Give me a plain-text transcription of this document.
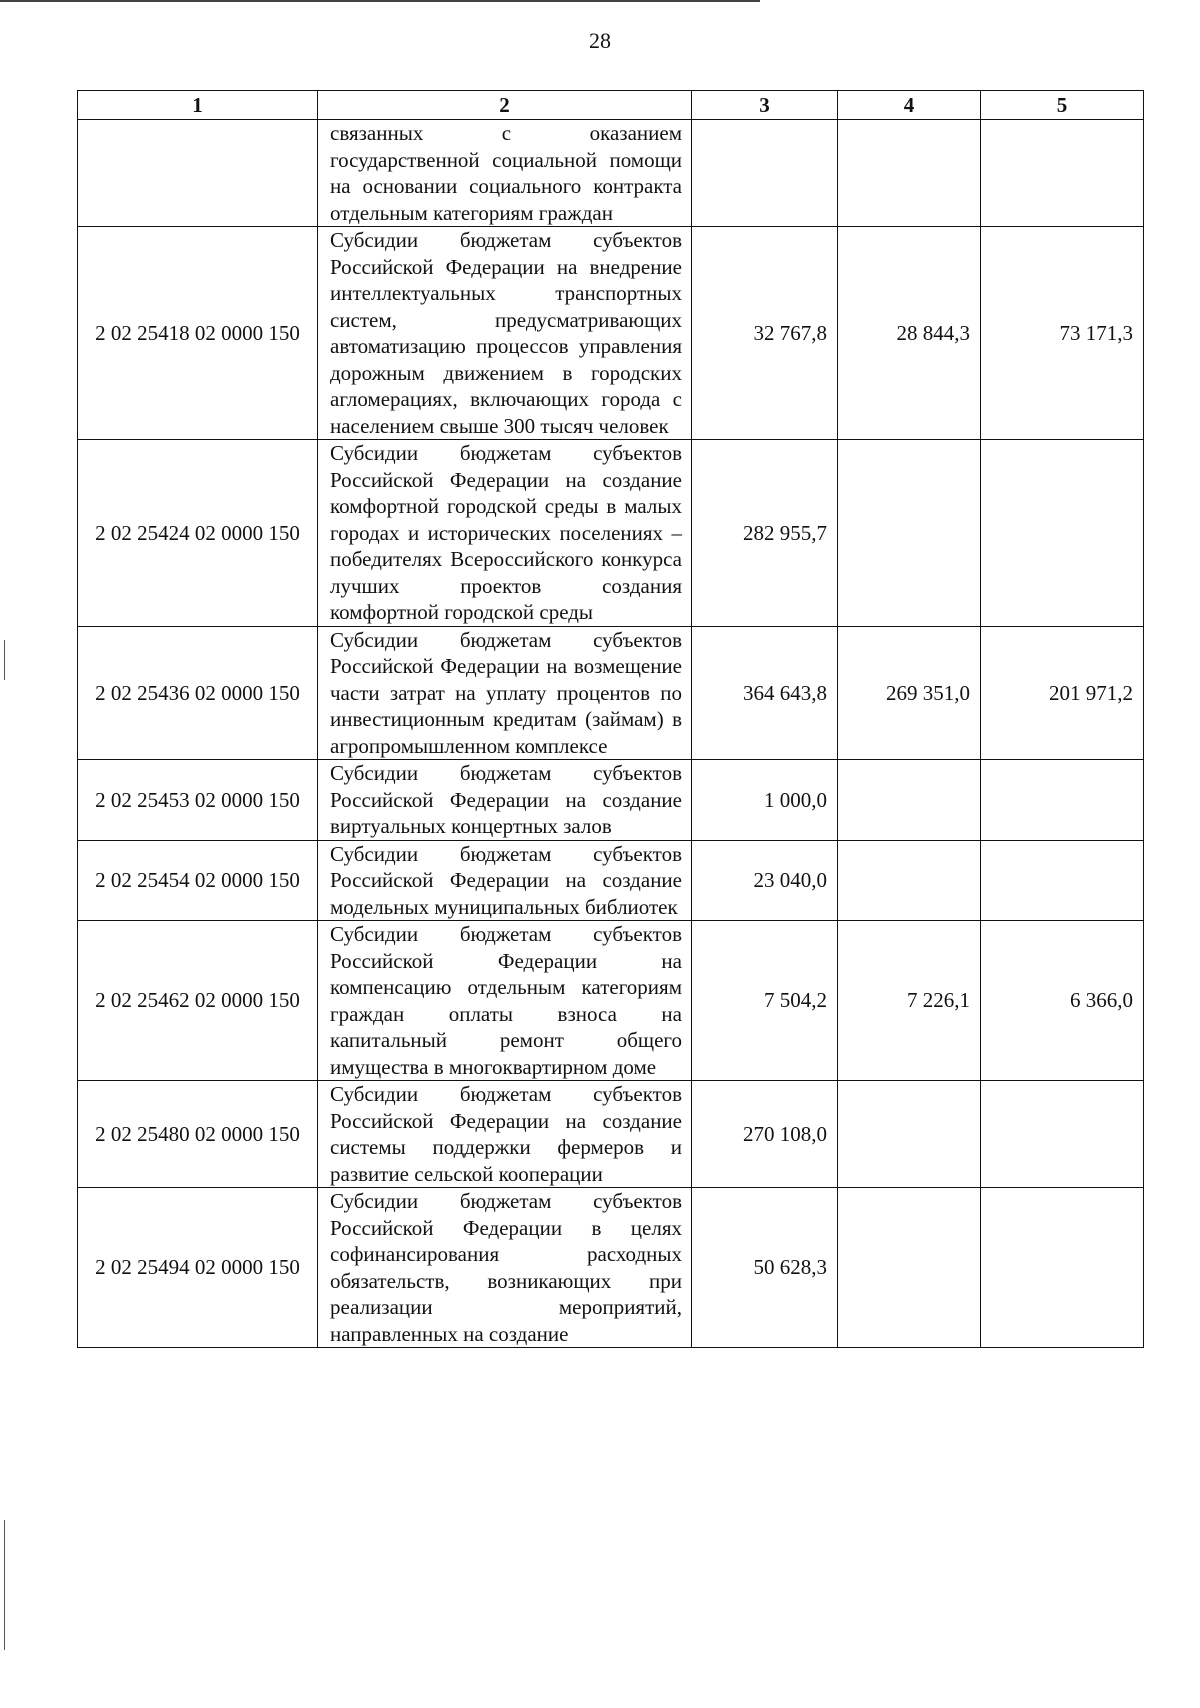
28
1	2	3	4	5
	связанных с оказанием государственной социальной помощи на основании социального контракта отдельным категориям граждан			
2 02 25418 02 0000 150	Субсидии бюджетам субъектов Российской Федерации на внедрение интеллектуальных транспортных систем, предусматривающих автоматизацию процессов управления дорожным движением в городских агломерациях, включающих города с населением свыше 300 тысяч человек	32 767,8	28 844,3	73 171,3
2 02 25424 02 0000 150	Субсидии бюджетам субъектов Российской Федерации на создание комфортной городской среды в малых городах и исторических поселениях – победителях Всероссийского конкурса лучших проектов создания комфортной городской среды	282 955,7		
2 02 25436 02 0000 150	Субсидии бюджетам субъектов Российской Федерации на возмещение части затрат на уплату процентов по инвестиционным кредитам (займам) в агропромышленном комплексе	364 643,8	269 351,0	201 971,2
2 02 25453 02 0000 150	Субсидии бюджетам субъектов Российской Федерации на создание виртуальных концертных залов	1 000,0		
2 02 25454 02 0000 150	Субсидии бюджетам субъектов Российской Федерации на создание модельных муниципальных библиотек	23 040,0		
2 02 25462 02 0000 150	Субсидии бюджетам субъектов Российской Федерации на компенсацию отдельным категориям граждан оплаты взноса на капитальный ремонт общего имущества в многоквартирном доме	7 504,2	7 226,1	6 366,0
2 02 25480 02 0000 150	Субсидии бюджетам субъектов Российской Федерации на создание системы поддержки фермеров и развитие сельской кооперации	270 108,0		
2 02 25494 02 0000 150	Субсидии бюджетам субъектов Российской Федерации в целях софинансирования расходных обязательств, возникающих при реализации мероприятий, направленных на создание	50 628,3		
